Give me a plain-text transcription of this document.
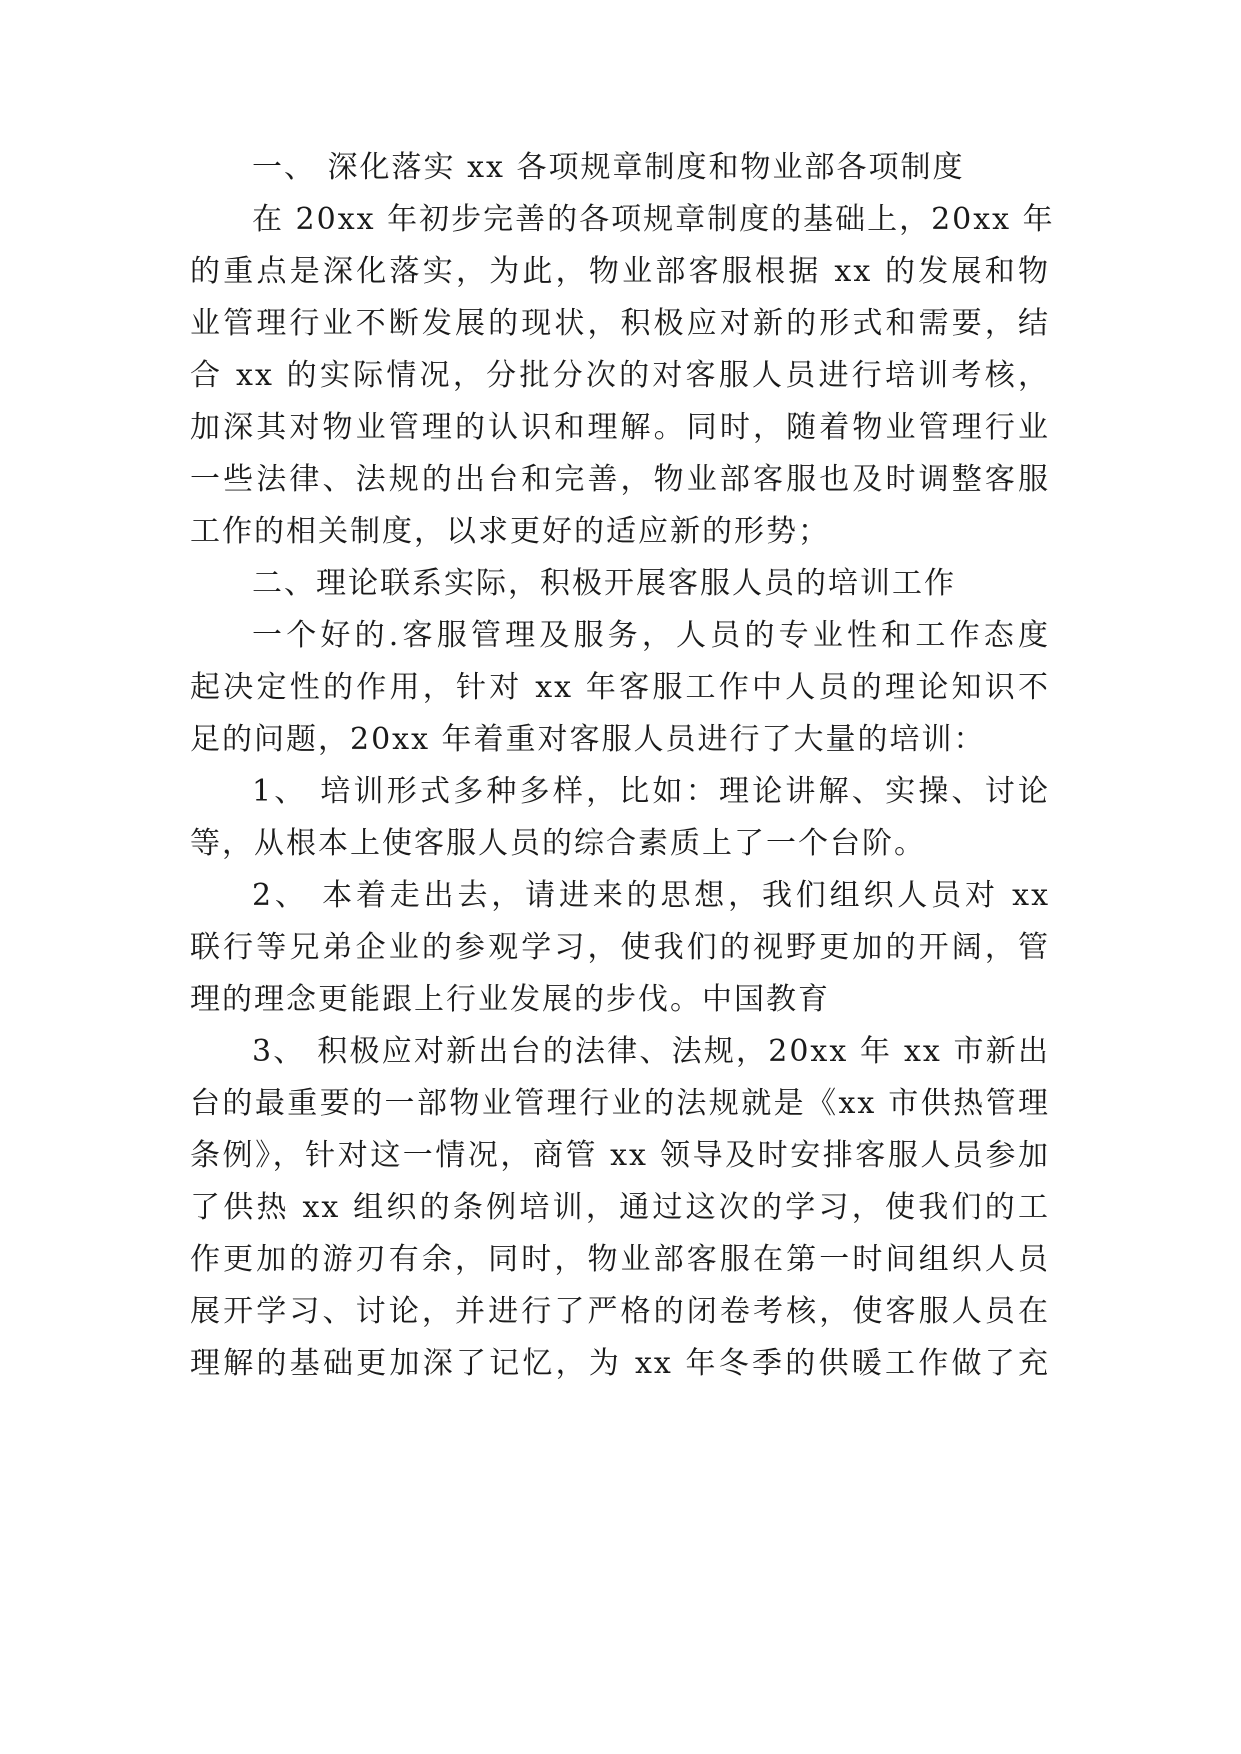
一、 深化落实 xx 各项规章制度和物业部各项制度
在 20xx 年初步完善的各项规章制度的基础上，20xx 年
的重点是深化落实，为此，物业部客服根据 xx 的发展和物
业管理行业不断发展的现状，积极应对新的形式和需要，结
合 xx 的实际情况，分批分次的对客服人员进行培训考核，
加深其对物业管理的认识和理解。同时，随着物业管理行业
一些法律、法规的出台和完善，物业部客服也及时调整客服
工作的相关制度，以求更好的适应新的形势；
二、理论联系实际，积极开展客服人员的培训工作
一个好的.客服管理及服务，人员的专业性和工作态度
起决定性的作用，针对 xx 年客服工作中人员的理论知识不
足的问题，20xx 年着重对客服人员进行了大量的培训：
1、 培训形式多种多样，比如：理论讲解、实操、讨论
等，从根本上使客服人员的综合素质上了一个台阶。
2、 本着走出去，请进来的思想，我们组织人员对 xx
联行等兄弟企业的参观学习，使我们的视野更加的开阔，管
理的理念更能跟上行业发展的步伐。中国教育
3、 积极应对新出台的法律、法规，20xx 年 xx 市新出
台的最重要的一部物业管理行业的法规就是《xx 市供热管理
条例》，针对这一情况，商管 xx 领导及时安排客服人员参加
了供热 xx 组织的条例培训，通过这次的学习，使我们的工
作更加的游刃有余，同时，物业部客服在第一时间组织人员
展开学习、讨论，并进行了严格的闭卷考核，使客服人员在
理解的基础更加深了记忆，为 xx 年冬季的供暖工作做了充
